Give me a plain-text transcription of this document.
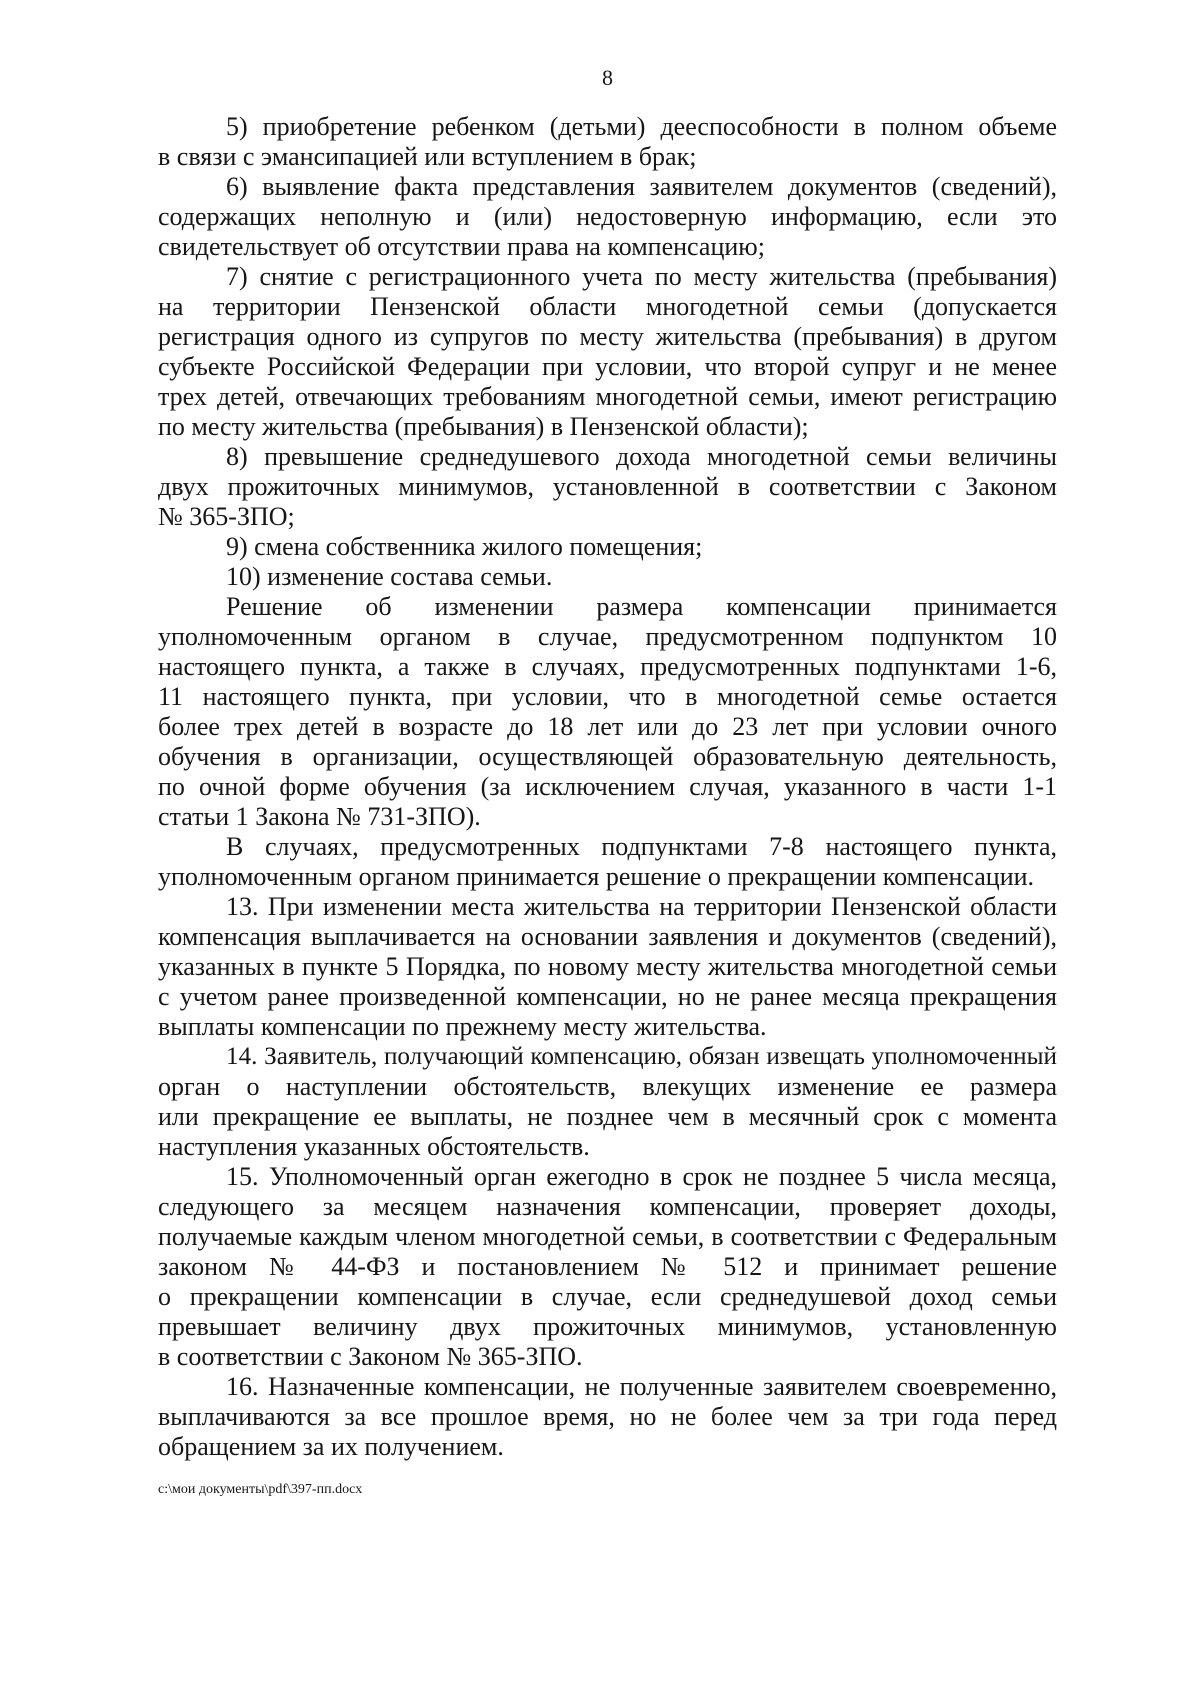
8
5) приобретение ребенком (детьми) дееспособности в полном объеме
в связи с эмансипацией или вступлением в брак;
6) выявление факта представления заявителем документов (сведений),
содержащих неполную и (или) недостоверную информацию, если это
свидетельствует об отсутствии права на компенсацию;
7) снятие с регистрационного учета по месту жительства (пребывания)
на территории Пензенской области многодетной семьи (допускается
регистрация одного из супругов по месту жительства (пребывания) в другом
субъекте Российской Федерации при условии, что второй супруг и не менее
трех детей, отвечающих требованиям многодетной семьи, имеют регистрацию
по месту жительства (пребывания) в Пензенской области);
8) превышение среднедушевого дохода многодетной семьи величины
двух прожиточных минимумов, установленной в соответствии с Законом
№ 365-ЗПО;
9) смена собственника жилого помещения;
10) изменение состава семьи.
Решение об изменении размера компенсации принимается
уполномоченным органом в случае, предусмотренном подпунктом 10
настоящего пункта, а также в случаях, предусмотренных подпунктами 1-6,
11 настоящего пункта, при условии, что в многодетной семье остается
более трех детей в возрасте до 18 лет или до 23 лет при условии очного
обучения в организации, осуществляющей образовательную деятельность,
по очной форме обучения (за исключением случая, указанного в части 1-1
статьи 1 Закона № 731-ЗПО).
В случаях, предусмотренных подпунктами 7-8 настоящего пункта,
уполномоченным органом принимается решение о прекращении компенсации.
13. При изменении места жительства на территории Пензенской области
компенсация выплачивается на основании заявления и документов (сведений),
указанных в пункте 5 Порядка, по новому месту жительства многодетной семьи
с учетом ранее произведенной компенсации, но не ранее месяца прекращения
выплаты компенсации по прежнему месту жительства.
14. Заявитель, получающий компенсацию, обязан извещать уполномоченный
орган о наступлении обстоятельств, влекущих изменение ее размера
или прекращение ее выплаты, не позднее чем в месячный срок с момента
наступления указанных обстоятельств.
15. Уполномоченный орган ежегодно в срок не позднее 5 числа месяца,
следующего за месяцем назначения компенсации, проверяет доходы,
получаемые каждым членом многодетной семьи, в соответствии с Федеральным
законом № 44-ФЗ и постановлением № 512 и принимает решение
о прекращении компенсации в случае, если среднедушевой доход семьи
превышает величину двух прожиточных минимумов, установленную
в соответствии с Законом № 365-ЗПО.
16. Назначенные компенсации, не полученные заявителем своевременно,
выплачиваются за все прошлое время, но не более чем за три года перед
обращением за их получением.
c:\мои документы\pdf\397-пп.docx
